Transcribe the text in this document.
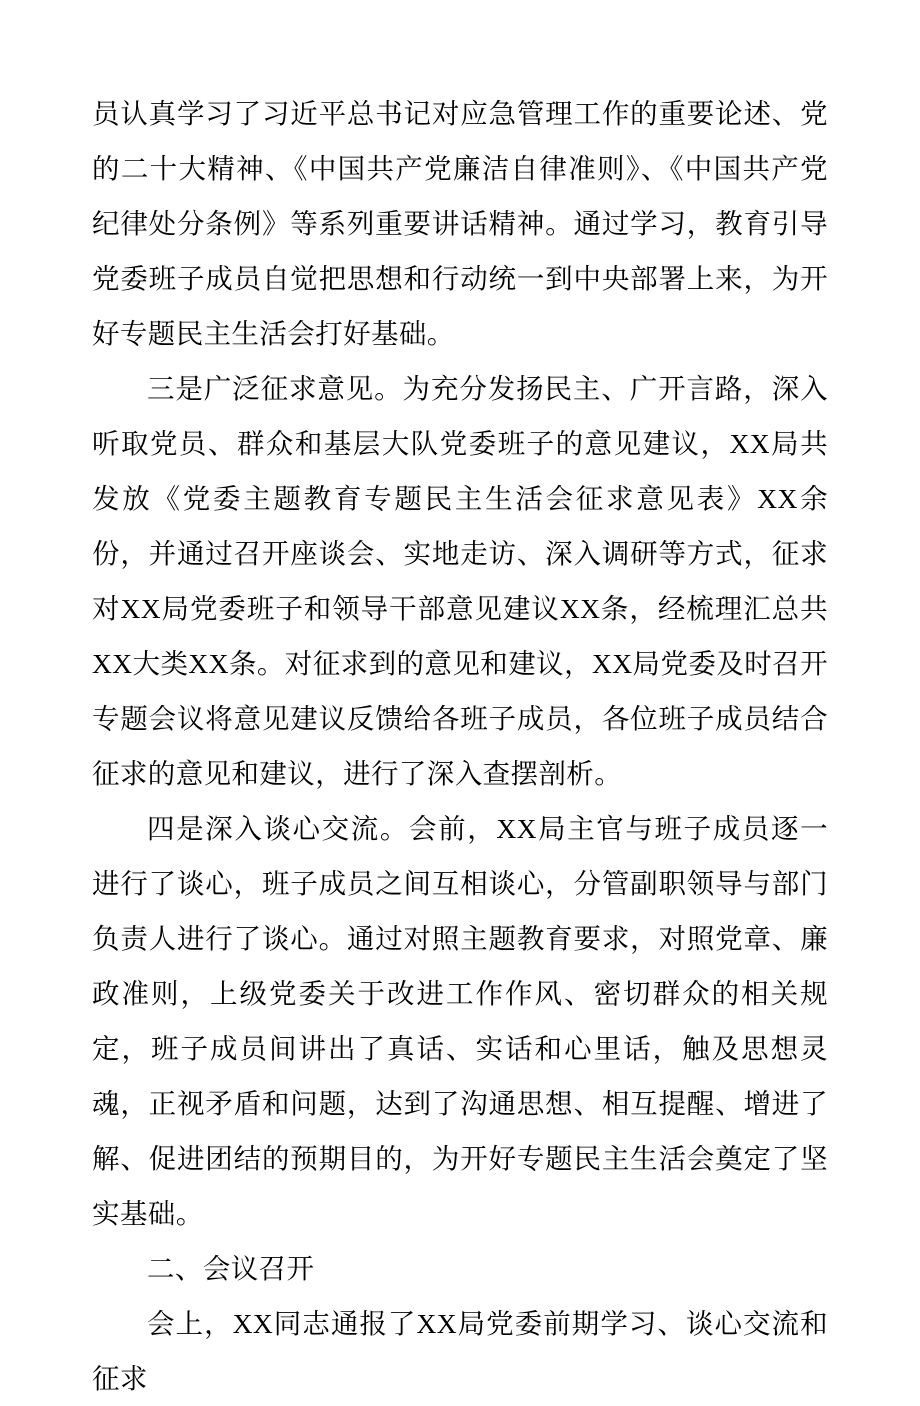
员认真学习了习近平总书记对应急管理工作的重要论述、党的二十大精神、《中国共产党廉洁自律准则》、《中国共产党纪律处分条例》等系列重要讲话精神。通过学习，教育引导党委班子成员自觉把思想和行动统一到中央部署上来，为开好专题民主生活会打好基础。

三是广泛征求意见。为充分发扬民主、广开言路，深入听取党员、群众和基层大队党委班子的意见建议，XX局共发放《党委主题教育专题民主生活会征求意见表》XX余份，并通过召开座谈会、实地走访、深入调研等方式，征求对XX局党委班子和领导干部意见建议XX条，经梳理汇总共XX大类XX条。对征求到的意见和建议，XX局党委及时召开专题会议将意见建议反馈给各班子成员，各位班子成员结合征求的意见和建议，进行了深入查摆剖析。

四是深入谈心交流。会前，XX局主官与班子成员逐一进行了谈心，班子成员之间互相谈心，分管副职领导与部门负责人进行了谈心。通过对照主题教育要求，对照党章、廉政准则，上级党委关于改进工作作风、密切群众的相关规定，班子成员间讲出了真话、实话和心里话，触及思想灵魂，正视矛盾和问题，达到了沟通思想、相互提醒、增进了解、促进团结的预期目的，为开好专题民主生活会奠定了坚实基础。

二、会议召开

会上，XX同志通报了XX局党委前期学习、谈心交流和征求
